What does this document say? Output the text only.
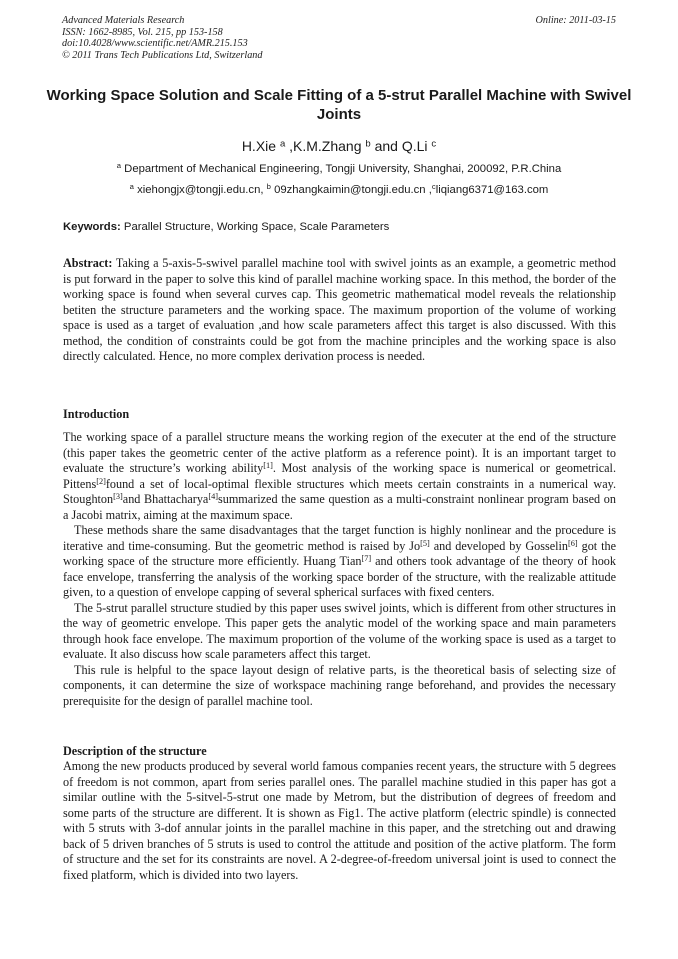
Advanced Materials Research
ISSN: 1662-8985, Vol. 215, pp 153-158
doi:10.4028/www.scientific.net/AMR.215.153
© 2011 Trans Tech Publications Ltd, Switzerland
Online: 2011-03-15
Working Space Solution and Scale Fitting of a 5-strut Parallel Machine with Swivel Joints
H.Xie $^a$ ,K.M.Zhang $^b$ and Q.Li $^c$
$^a$ Department of Mechanical Engineering, Tongji University, Shanghai, 200092, P.R.China
$^a$ xiehongjx@tongji.edu.cn, $^b$ 09zhangkaimin@tongji.edu.cn ,$^c$liqiang6371@163.com
Keywords: Parallel Structure, Working Space, Scale Parameters

Abstract: Taking a 5-axis-5-swivel parallel machine tool with swivel joints as an example, a geometric method is put forward in the paper to solve this kind of parallel machine working space. In this method, the border of the working space is found when several curves cap. This geometric mathematical model reveals the relationship betiten the structure parameters and the working space. The maximum proportion of the volume of working space is used as a target of evaluation ,and how scale parameters affect this target is also discussed. With this method, the condition of constraints could be got from the machine principles and the working space is also directly calculated. Hence, no more complex derivation process is needed.

Introduction

The working space of a parallel structure means the working region of the executer at the end of the structure (this paper takes the geometric center of the active platform as a reference point). It is an important target to evaluate the structure’s working ability[1]. Most analysis of the working space is numerical or geometrical. Pittens[2]found a set of local-optimal flexible structures which meets certain constraints in a numerical way. Stoughton[3]and Bhattacharya[4]summarized the same question as a multi-constraint nonlinear program based on a Jacobi matrix, aiming at the maximum space.

These methods share the same disadvantages that the target function is highly nonlinear and the procedure is iterative and time-consuming. But the geometric method is raised by Jo[5] and developed by Gosselin[6] got the working space of the structure more efficiently. Huang Tian[7] and others took advantage of the theory of hook face envelope, transferring the analysis of the working space border of the structure, with the realizable attitude given, to a question of envelope capping of several spherical surfaces with fixed centers.

The 5-strut parallel structure studied by this paper uses swivel joints, which is different from other structures in the way of geometric envelope. This paper gets the analytic model of the working space and main parameters through hook face envelope. The maximum proportion of the volume of the working space is used as a target to evaluate. It also discuss how scale parameters affect this target.

This rule is helpful to the space layout design of relative parts, is the theoretical basis of selecting size of components, it can determine the size of workspace machining range beforehand, and provides the necessary prerequisite for the design of parallel machine tool.

Description of the structure

Among the new products produced by several world famous companies recent years, the structure with 5 degrees of freedom is not common, apart from series parallel ones. The parallel machine studied in this paper has got a similar outline with the 5-sitvel-5-strut one made by Metrom, but the distribution of degrees of freedom and some parts of the structure are different. It is shown as Fig1. The active platform (electric spindle) is connected with 5 struts with 3-dof annular joints in the parallel machine in this paper, and the stretching out and drawing back of 5 driven branches of 5 struts is used to control the attitude and position of the active platform. The form of structure and the set for its constraints are novel. A 2-degree-of-freedom universal joint is used to connect the fixed platform, which is divided into two layers.
